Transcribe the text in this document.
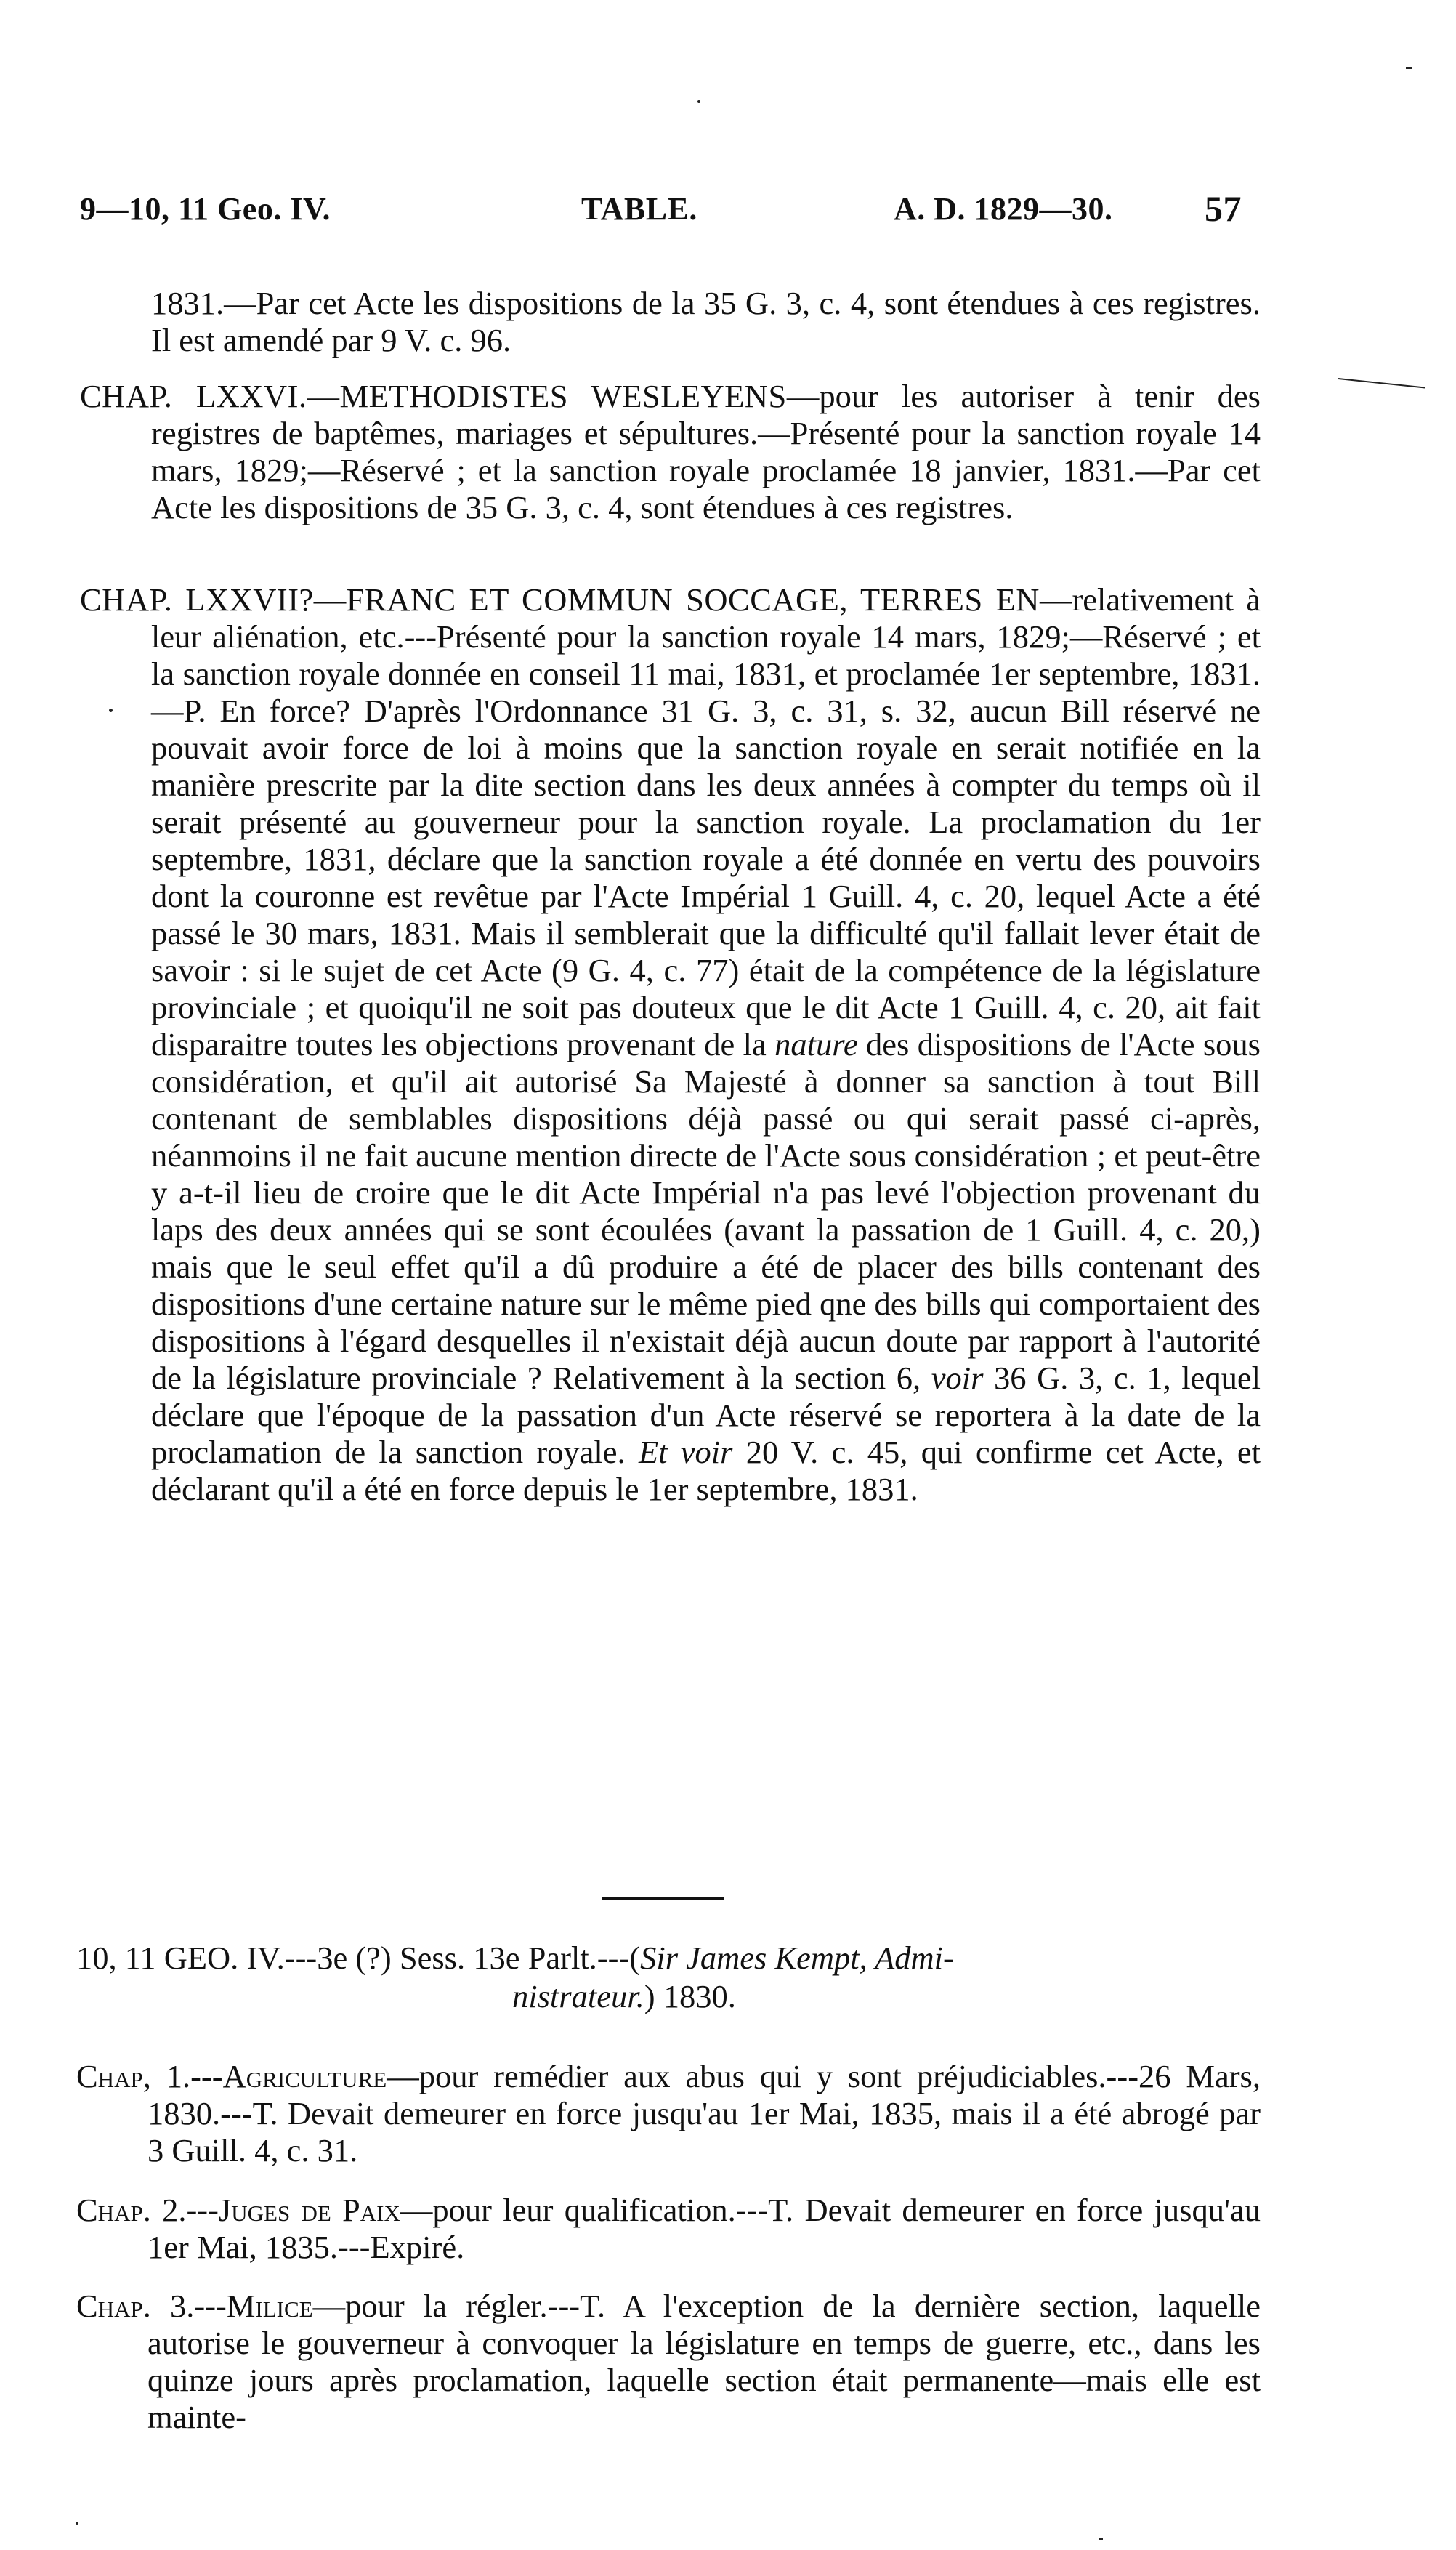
9—10, 11 Geo. IV.	TABLE.	A. D. 1829—30.	57
1831.—Par cet Acte les dispositions de la 35 G. 3, c. 4, sont étendues à ces registres. Il est amendé par 9 V. c. 96.
CHAP. LXXVI.—METHODISTES WESLEYENS—pour les autoriser à tenir des registres de baptêmes, mariages et sépultures.—Présenté pour la sanction royale 14 mars, 1829;—Réservé ; et la sanction royale proclamée 18 janvier, 1831.—Par cet Acte les dispositions de 35 G. 3, c. 4, sont étendues à ces registres.
CHAP. LXXVII?—FRANC ET COMMUN SOCCAGE, TERRES EN—relativement à leur aliénation, etc.---Présenté pour la sanction royale 14 mars, 1829;—Réservé ; et la sanction royale donnée en conseil 11 mai, 1831, et proclamée 1er septembre, 1831. —P. En force? D'après l'Ordonnance 31 G. 3, c. 31, s. 32, aucun Bill réservé ne pouvait avoir force de loi à moins que la sanction royale en serait notifiée en la manière prescrite par la dite section dans les deux années à compter du temps où il serait présenté au gouverneur pour la sanction royale. La proclamation du 1er septembre, 1831, déclare que la sanction royale a été donnée en vertu des pouvoirs dont la couronne est revêtue par l'Acte Impérial 1 Guill. 4, c. 20, lequel Acte a été passé le 30 mars, 1831. Mais il semblerait que la difficulté qu'il fallait lever était de savoir : si le sujet de cet Acte (9 G. 4, c. 77) était de la compétence de la législature provinciale ; et quoiqu'il ne soit pas douteux que le dit Acte 1 Guill. 4, c. 20, ait fait disparaitre toutes les objections provenant de la nature des dispositions de l'Acte sous considération, et qu'il ait autorisé Sa Majesté à donner sa sanction à tout Bill contenant de semblables dispositions déjà passé ou qui serait passé ci-après, néanmoins il ne fait aucune mention directe de l'Acte sous considération ; et peut-être y a-t-il lieu de croire que le dit Acte Impérial n'a pas levé l'objection provenant du laps des deux années qui se sont écoulées (avant la passation de 1 Guill. 4, c. 20,) mais que le seul effet qu'il a dû produire a été de placer des bills contenant des dispositions d'une certaine nature sur le même pied qne des bills qui comportaient des dispositions à l'égard desquelles il n'existait déjà aucun doute par rapport à l'autorité de la législature provinciale ? Relativement à la section 6, voir 36 G. 3, c. 1, lequel déclare que l'époque de la passation d'un Acte réservé se reportera à la date de la proclamation de la sanction royale. Et voir 20 V. c. 45, qui confirme cet Acte, et déclarant qu'il a été en force depuis le 1er septembre, 1831.
10, 11 GEO. IV.---3e (?) Sess. 13e Parlt.---(Sir James Kempt, Admi-
nistrateur.) 1830.
Chap, 1.---Agriculture—pour remédier aux abus qui y sont préjudiciables.---26 Mars, 1830.---T. Devait demeurer en force jusqu'au 1er Mai, 1835, mais il a été abrogé par 3 Guill. 4, c. 31.
Chap. 2.---Juges de Paix—pour leur qualification.---T. Devait demeurer en force jusqu'au 1er Mai, 1835.---Expiré.
Chap. 3.---Milice—pour la régler.---T. A l'exception de la dernière section, laquelle autorise le gouverneur à convoquer la législature en temps de guerre, etc., dans les quinze jours après proclamation, laquelle section était permanente—mais elle est mainte-
